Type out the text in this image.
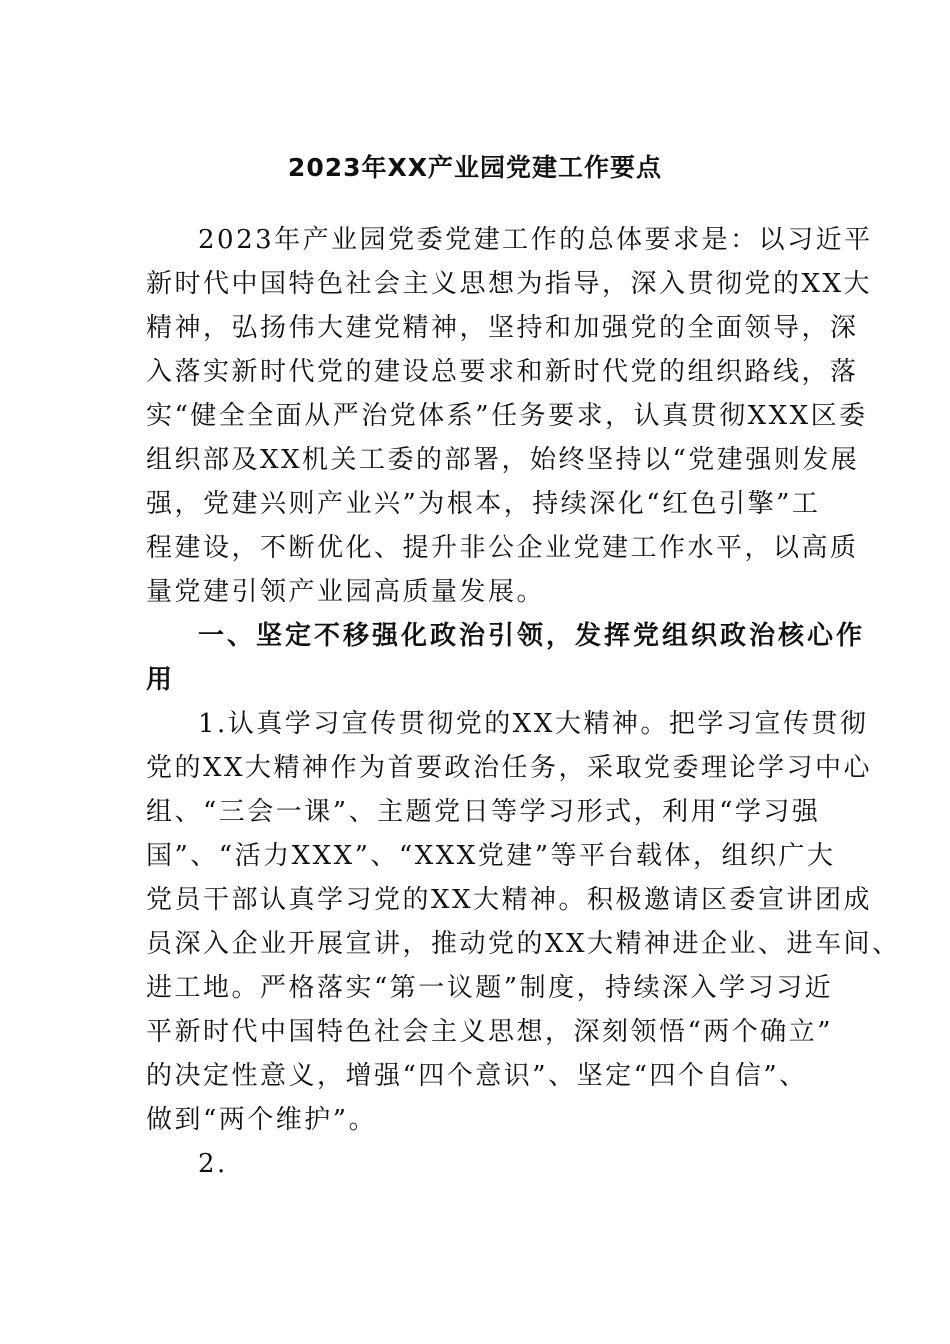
2023年XX产业园党建工作要点
2023年产业园党委党建工作的总体要求是：以习近平
新时代中国特色社会主义思想为指导，深入贯彻党的XX大
精神，弘扬伟大建党精神，坚持和加强党的全面领导，深
入落实新时代党的建设总要求和新时代党的组织路线，落
实“健全全面从严治党体系”任务要求，认真贯彻XXX区委
组织部及XX机关工委的部署，始终坚持以“党建强则发展
强，党建兴则产业兴”为根本，持续深化“红色引擎”工
程建设，不断优化、提升非公企业党建工作水平，以高质
量党建引领产业园高质量发展。
一、坚定不移强化政治引领，发挥党组织政治核心作
用
1.认真学习宣传贯彻党的XX大精神。把学习宣传贯彻
党的XX大精神作为首要政治任务，采取党委理论学习中心
组、“三会一课”、主题党日等学习形式，利用“学习强
国”、“活力XXX”、“XXX党建”等平台载体，组织广大
党员干部认真学习党的XX大精神。积极邀请区委宣讲团成
员深入企业开展宣讲，推动党的XX大精神进企业、进车间、
进工地。严格落实“第一议题”制度，持续深入学习习近
平新时代中国特色社会主义思想，深刻领悟“两个确立”
的决定性意义，增强“四个意识”、坚定“四个自信”、
做到“两个维护”。
2.
